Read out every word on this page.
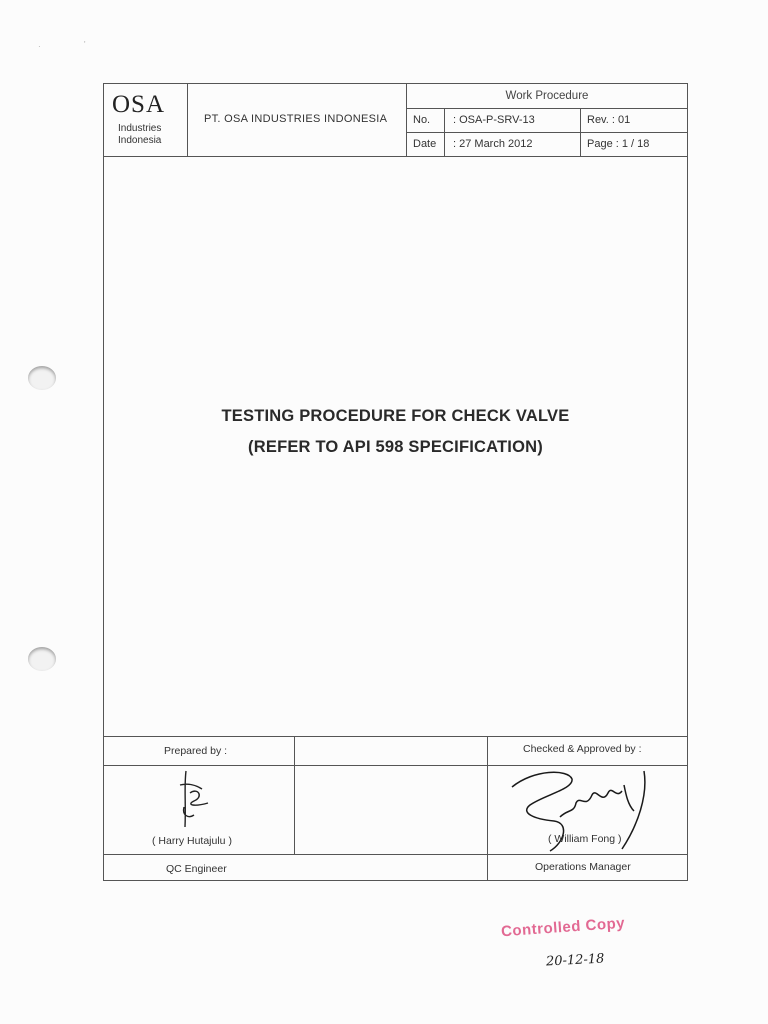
·	'
OSA
Industries
Indonesia
PT. OSA INDUSTRIES INDONESIA
Work Procedure
No. : OSA-P-SRV-13	Rev. : 01
Date : 27 March 2012	Page : 1 / 18
TESTING PROCEDURE FOR CHECK VALVE
(REFER TO API 598 SPECIFICATION)
Prepared by :	Checked & Approved by :
( Harry Hutajulu )	( William Fong )
QC Engineer	Operations Manager
Controlled Copy
20-12-18
